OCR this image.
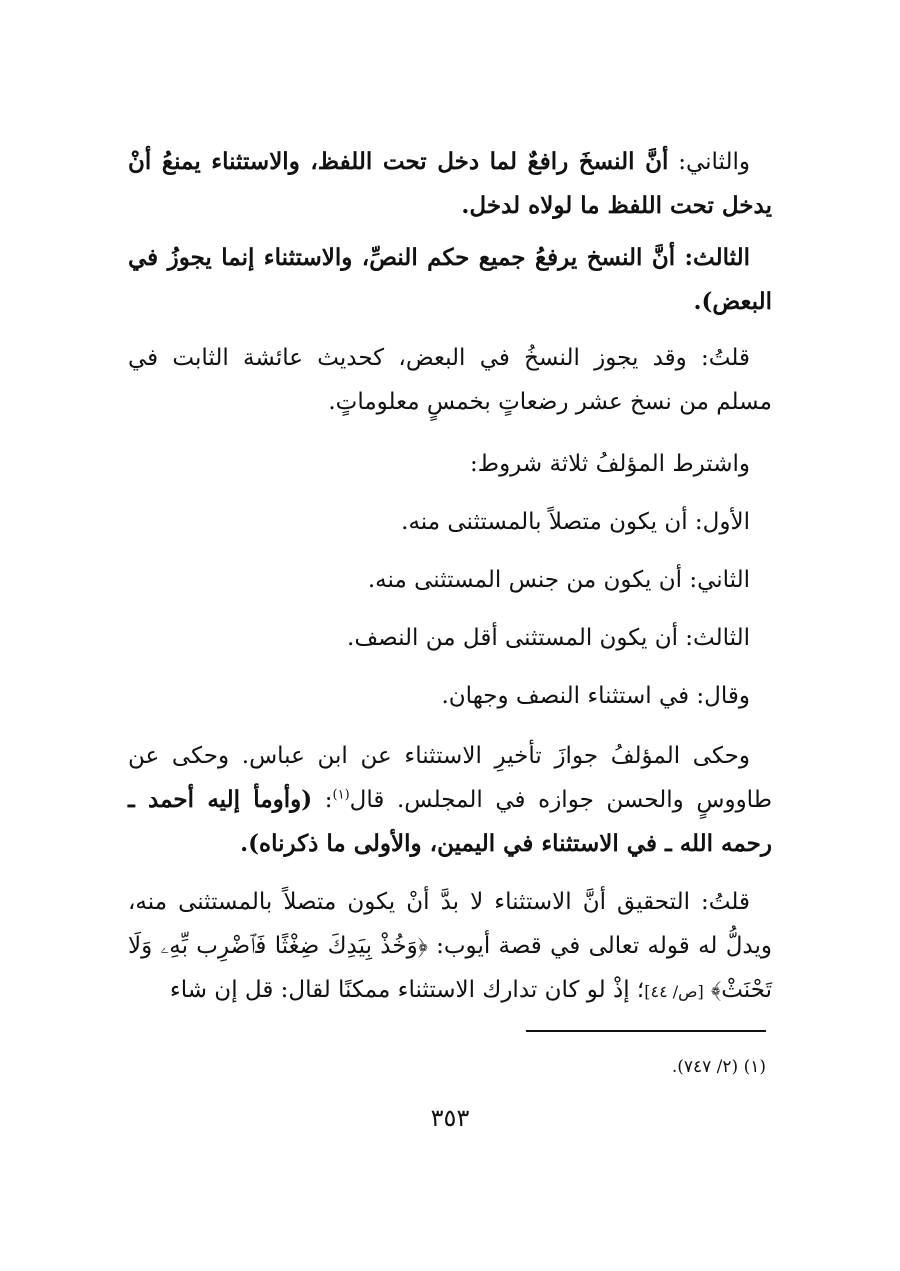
والثاني: أنَّ النسخَ رافعٌ لما دخل تحت اللفظ، والاستثناء يمنعُ أنْ يدخل تحت اللفظ ما لولاه لدخل.
الثالث: أنَّ النسخ يرفعُ جميع حكم النصِّ، والاستثناء إنما يجوزُ في البعض).
قلتُ: وقد يجوز النسخُ في البعض، كحديث عائشة الثابت في مسلم من نسخ عشر رضعاتٍ بخمسٍ معلوماتٍ.
واشترط المؤلفُ ثلاثة شروط:
الأول: أن يكون متصلاً بالمستثنى منه.
الثاني: أن يكون من جنس المستثنى منه.
الثالث: أن يكون المستثنى أقل من النصف.
وقال: في استثناء النصف وجهان.
وحكى المؤلفُ جوازَ تأخيرِ الاستثناء عن ابن عباس. وحكى عن طاووسٍ والحسن جوازه في المجلس. قال$^{(١)}$: (وأومأ إليه أحمد ـ رحمه الله ـ في الاستثناء في اليمين، والأولى ما ذكرناه).
قلتُ: التحقيق أنَّ الاستثناء لا بدَّ أنْ يكون متصلاً بالمستثنى منه، ويدلُّ له قوله تعالى في قصة أيوب: ﴿وَخُذْ بِيَدِكَ ضِغْثًا فَٱضْرِب بِّهِۦ وَلَا تَحْنَثْ﴾ [ص/ ٤٤]؛ إذْ لو كان تدارك الاستثناء ممكنًا لقال: قل إن شاء
(١) (٢/ ٧٤٧).
٣٥٣
